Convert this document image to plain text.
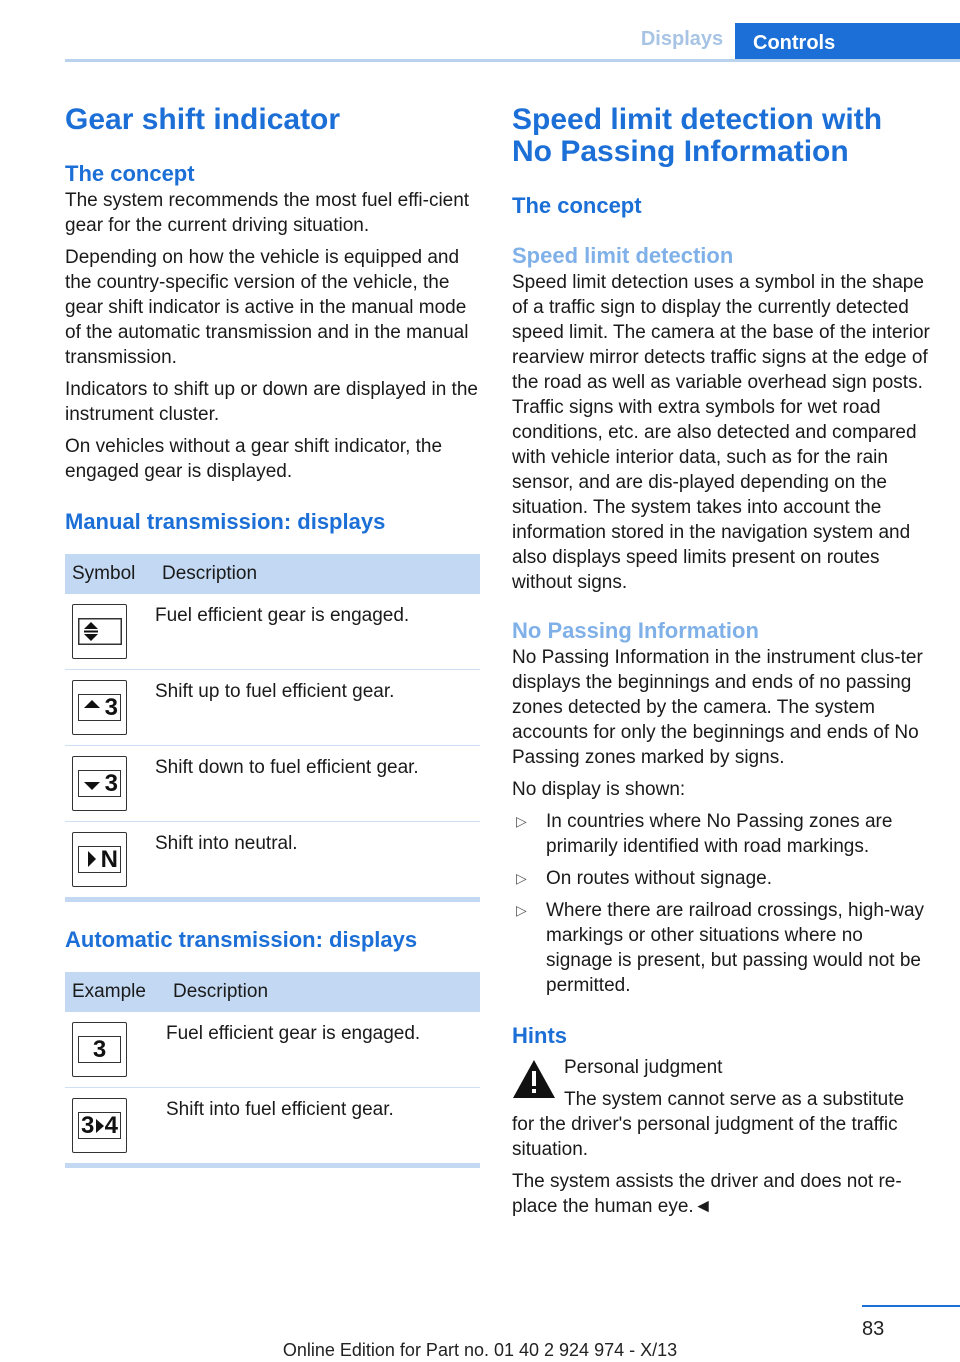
Displays	Controls
Gear shift indicator
The concept

The system recommends the most fuel effi-cient gear for the current driving situation.

Depending on how the vehicle is equipped and the country-specific version of the vehicle, the gear shift indicator is active in the manual mode of the automatic transmission and in the manual transmission.

Indicators to shift up or down are displayed in the instrument cluster.

On vehicles without a gear shift indicator, the engaged gear is displayed.

Manual transmission: displays
Symbol	Description

	Fuel efficient gear is engaged.

3	Shift up to fuel efficient gear.

3	Shift down to fuel efficient gear.

N	Shift into neutral.
Automatic transmission: displays
Example	Description

3	Fuel efficient gear is engaged.

3 4	Shift into fuel efficient gear.
Speed limit detection with No Passing Information
The concept
Speed limit detection

Speed limit detection uses a symbol in the shape of a traffic sign to display the currently detected speed limit. The camera at the base of the interior rearview mirror detects traffic signs at the edge of the road as well as variable overhead sign posts. Traffic signs with extra symbols for wet road conditions, etc. are also detected and compared with vehicle interior data, such as for the rain sensor, and are dis-played depending on the situation. The system takes into account the information stored in the navigation system and also displays speed limits present on routes without signs.

No Passing Information

No Passing Information in the instrument clus-ter displays the beginnings and ends of no passing zones detected by the camera. The system accounts for only the beginnings and ends of No Passing zones marked by signs.

No display is shown:

▷ In countries where No Passing zones are primarily identified with road markings.
▷ On routes without signage.
▷ Where there are railroad crossings, high-way markings or other situations where no signage is present, but passing would not be permitted.
Hints

Personal judgment

The system cannot serve as a substitute

for the driver's personal judgment of the traffic situation.

The system assists the driver and does not re-place the human eye.◄

83
Online Edition for Part no. 01 40 2 924 974 - X/13
